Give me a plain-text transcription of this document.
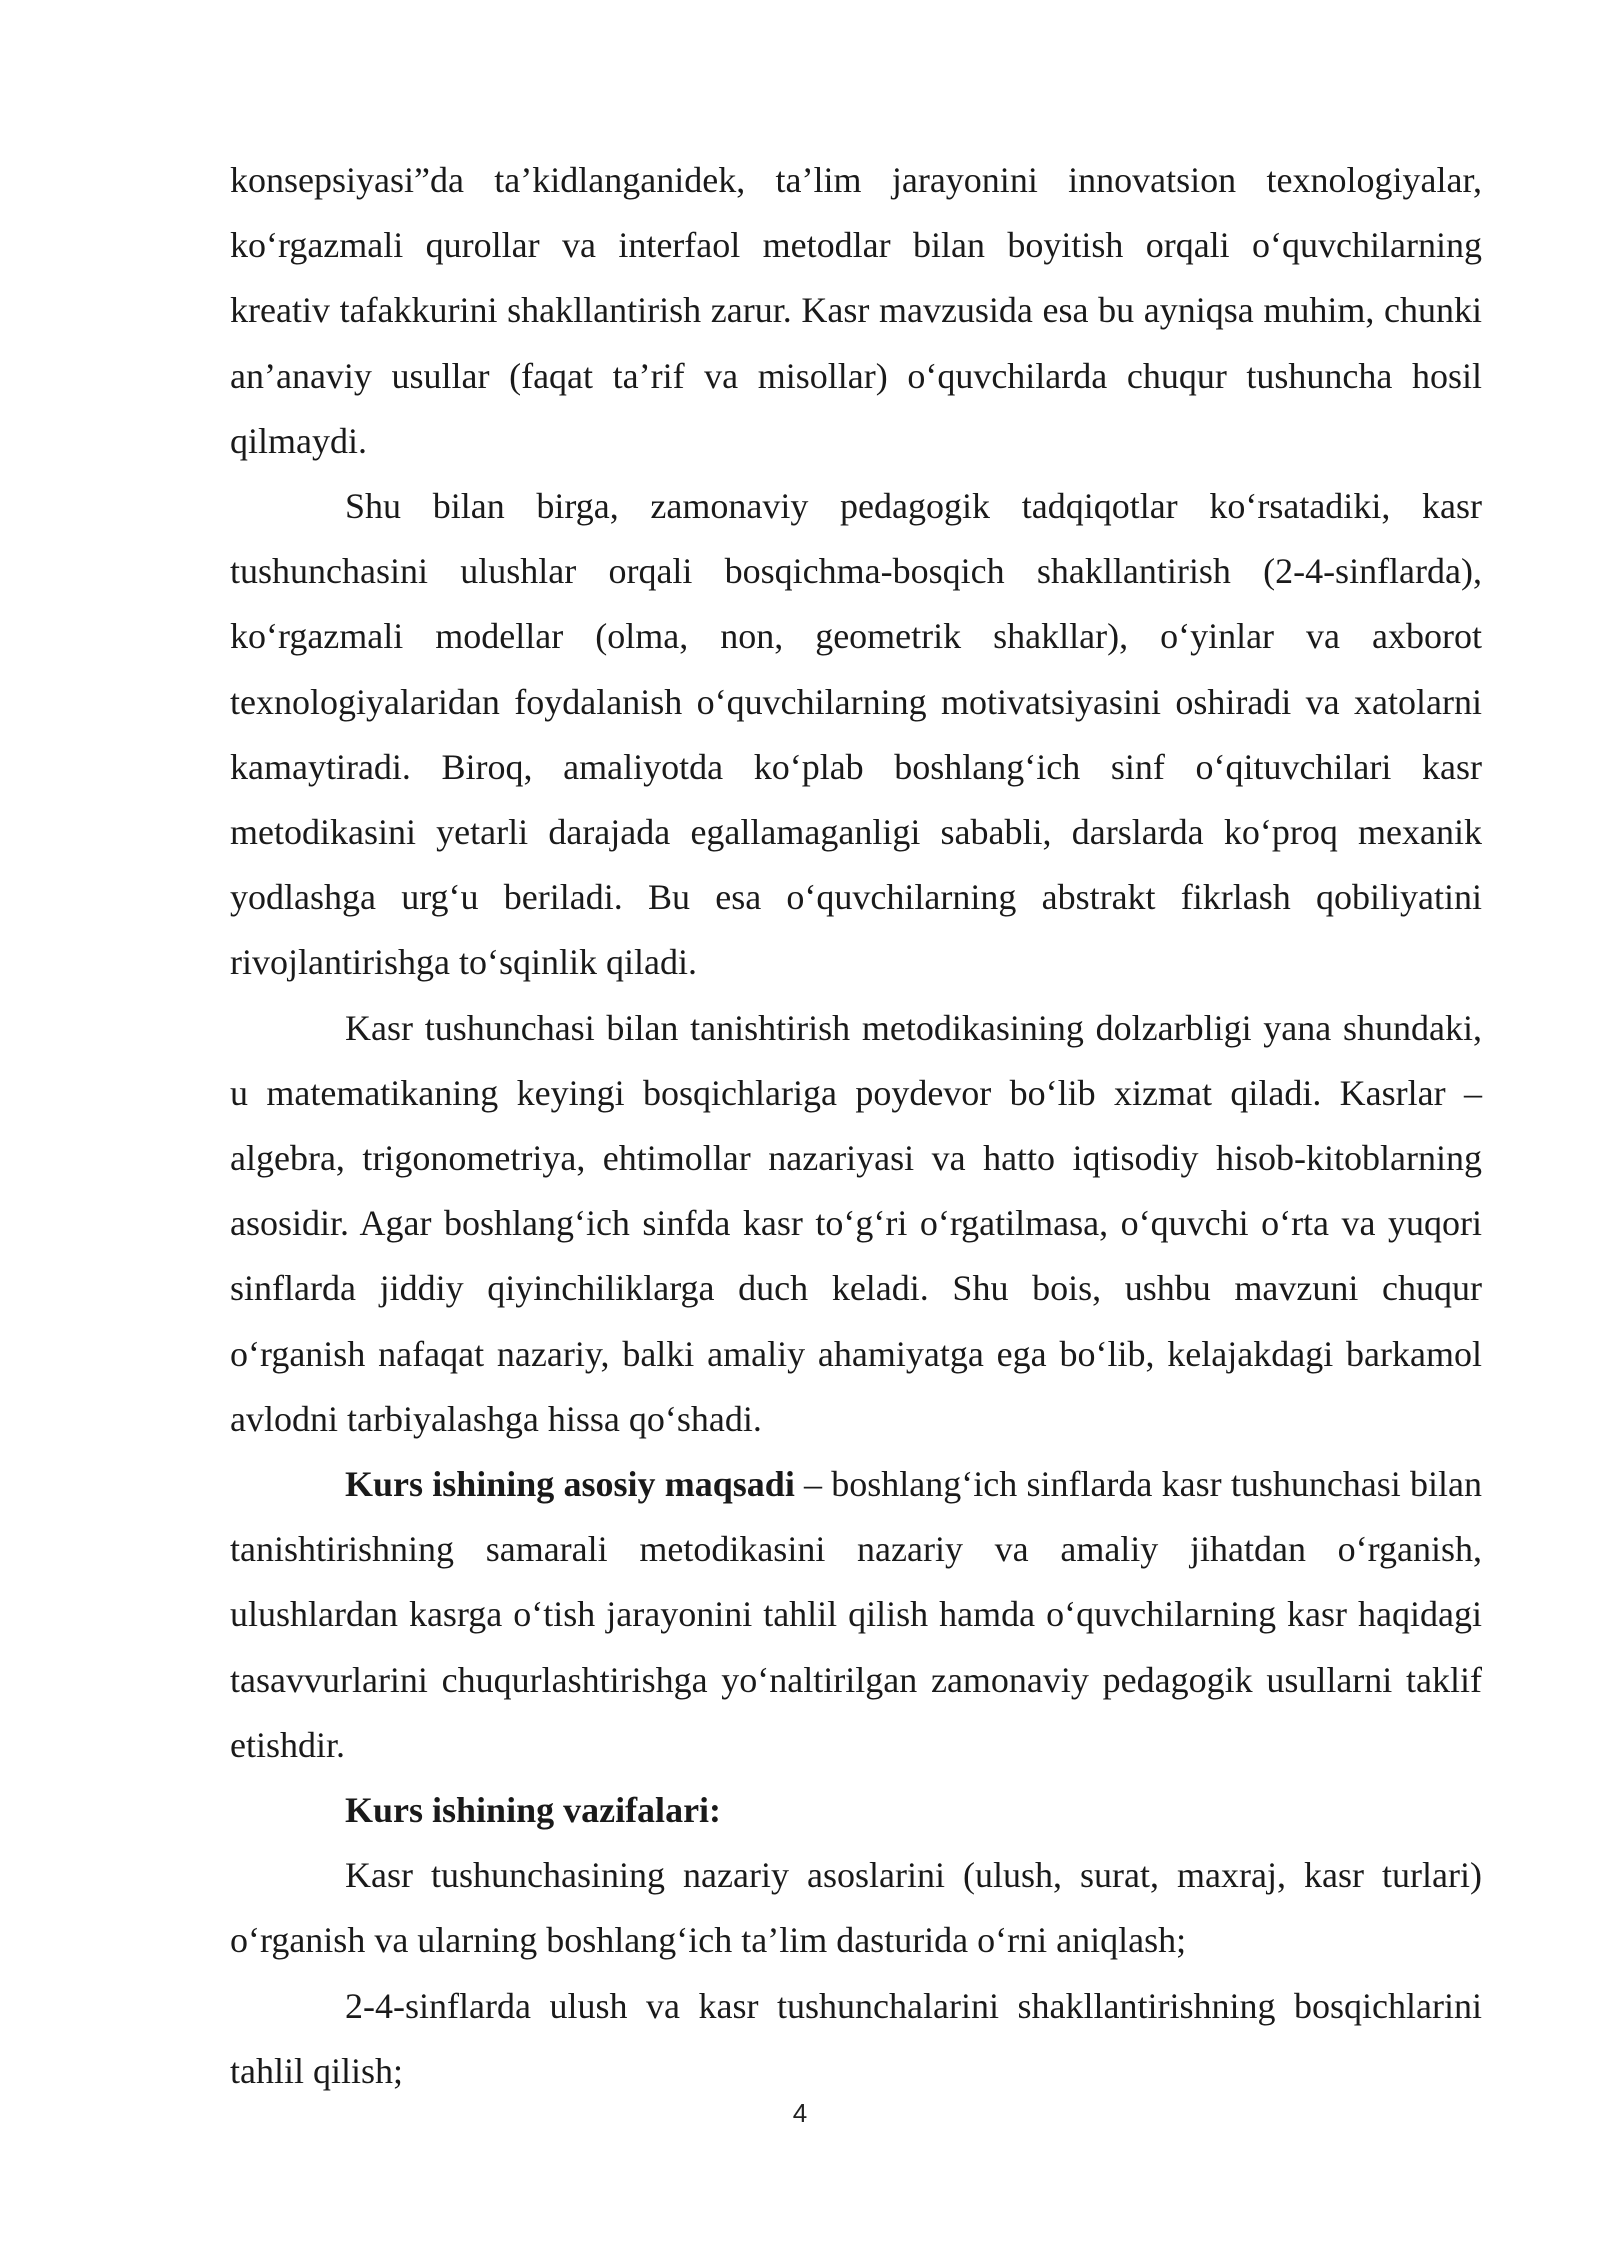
konsepsiyasi”da ta’kidlanganidek, ta’lim jarayonini innovatsion texnologiyalar, ko‘rgazmali qurollar va interfaol metodlar bilan boyitish orqali o‘quvchilarning kreativ tafakkurini shakllantirish zarur. Kasr mavzusida esa bu ayniqsa muhim, chunki an’anaviy usullar (faqat ta’rif va misollar) o‘quvchilarda chuqur tushuncha hosil qilmaydi.

Shu bilan birga, zamonaviy pedagogik tadqiqotlar ko‘rsatadiki, kasr tushunchasini ulushlar orqali bosqichma-bosqich shakllantirish (2-4-sinflarda), ko‘rgazmali modellar (olma, non, geometrik shakllar), o‘yinlar va axborot texnologiyalaridan foydalanish o‘quvchilarning motivatsiyasini oshiradi va xatolarni kamaytiradi. Biroq, amaliyotda ko‘plab boshlang‘ich sinf o‘qituvchilari kasr metodikasini yetarli darajada egallamaganligi sababli, darslarda ko‘proq mexanik yodlashga urg‘u beriladi. Bu esa o‘quvchilarning abstrakt fikrlash qobiliyatini rivojlantirishga to‘sqinlik qiladi.

Kasr tushunchasi bilan tanishtirish metodikasining dolzarbligi yana shundaki, u matematikaning keyingi bosqichlariga poydevor bo‘lib xizmat qiladi. Kasrlar – algebra, trigonometriya, ehtimollar nazariyasi va hatto iqtisodiy hisob-kitoblarning asosidir. Agar boshlang‘ich sinfda kasr to‘g‘ri o‘rgatilmasa, o‘quvchi o‘rta va yuqori sinflarda jiddiy qiyinchiliklarga duch keladi. Shu bois, ushbu mavzuni chuqur o‘rganish nafaqat nazariy, balki amaliy ahamiyatga ega bo‘lib, kelajakdagi barkamol avlodni tarbiyalashga hissa qo‘shadi.

Kurs ishining asosiy maqsadi – boshlang‘ich sinflarda kasr tushunchasi bilan tanishtirishning samarali metodikasini nazariy va amaliy jihatdan o‘rganish, ulushlardan kasrga o‘tish jarayonini tahlil qilish hamda o‘quvchilarning kasr haqidagi tasavvurlarini chuqurlashtirishga yo‘naltirilgan zamonaviy pedagogik usullarni taklif etishdir.

Kurs ishining vazifalari:

Kasr tushunchasining nazariy asoslarini (ulush, surat, maxraj, kasr turlari) o‘rganish va ularning boshlang‘ich ta’lim dasturida o‘rni aniqlash;

2-4-sinflarda ulush va kasr tushunchalarini shakllantirishning bosqichlarini tahlil qilish;

4
